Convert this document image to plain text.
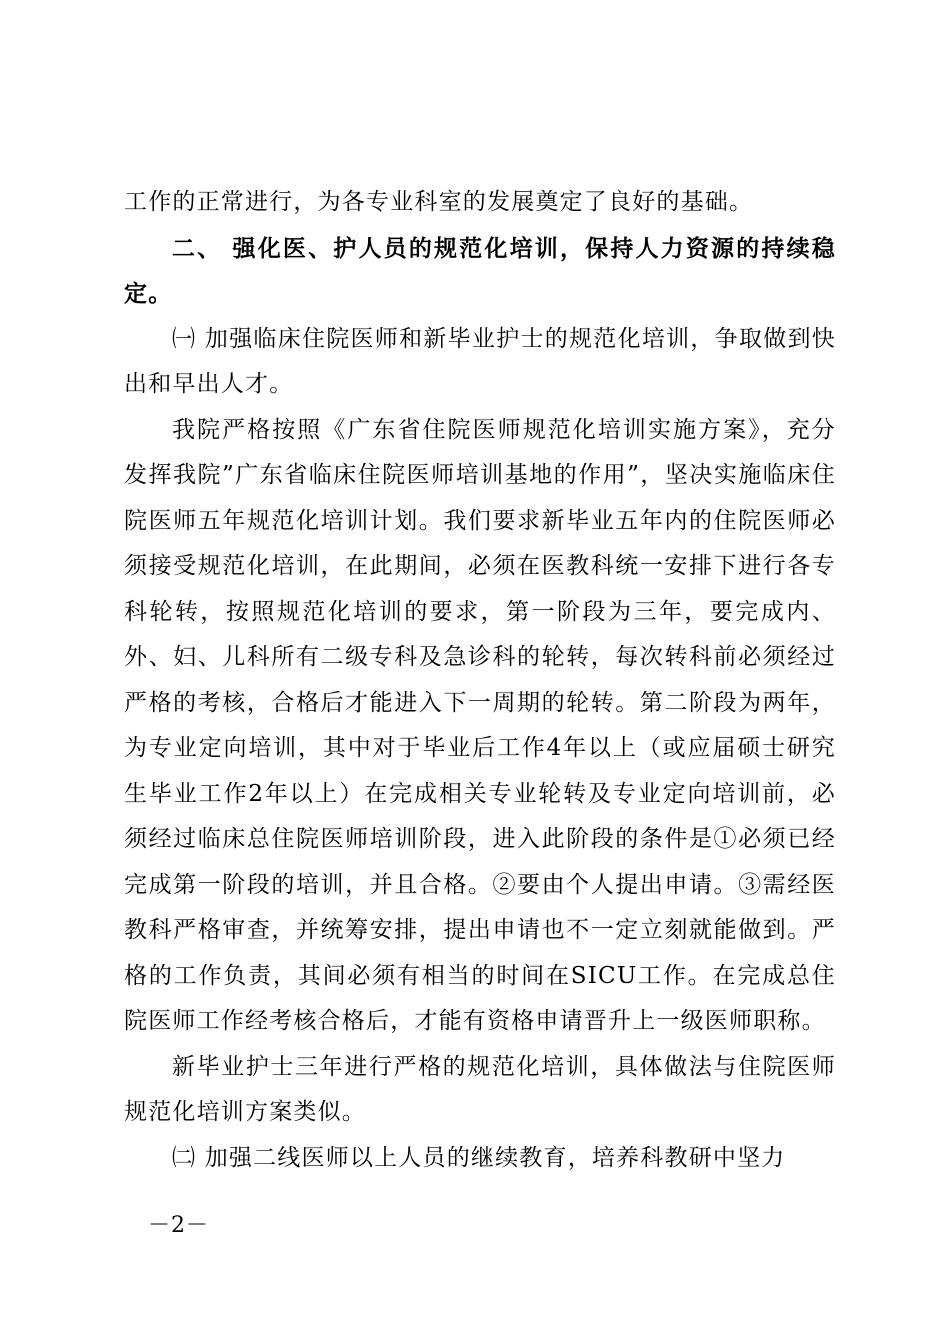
工作的正常进行，为各专业科室的发展奠定了良好的基础。

二、 强化医、护人员的规范化培训，保持人力资源的持续稳定。

㈠ 加强临床住院医师和新毕业护士的规范化培训，争取做到快出和早出人才。

我院严格按照《广东省住院医师规范化培训实施方案》，充分发挥我院”广东省临床住院医师培训基地的作用”，坚决实施临床住院医师五年规范化培训计划。我们要求新毕业五年内的住院医师必须接受规范化培训，在此期间，必须在医教科统一安排下进行各专科轮转，按照规范化培训的要求，第一阶段为三年，要完成内、外、妇、儿科所有二级专科及急诊科的轮转，每次转科前必须经过严格的考核，合格后才能进入下一周期的轮转。第二阶段为两年，为专业定向培训，其中对于毕业后工作4年以上（或应届硕士研究生毕业工作2年以上）在完成相关专业轮转及专业定向培训前，必须经过临床总住院医师培训阶段，进入此阶段的条件是①必须已经完成第一阶段的培训，并且合格。②要由个人提出申请。③需经医教科严格审查，并统筹安排，提出申请也不一定立刻就能做到。严格的工作负责，其间必须有相当的时间在SICU工作。在完成总住院医师工作经考核合格后，才能有资格申请晋升上一级医师职称。

新毕业护士三年进行严格的规范化培训，具体做法与住院医师规范化培训方案类似。

㈡ 加强二线医师以上人员的继续教育，培养科教研中坚力

－2－
